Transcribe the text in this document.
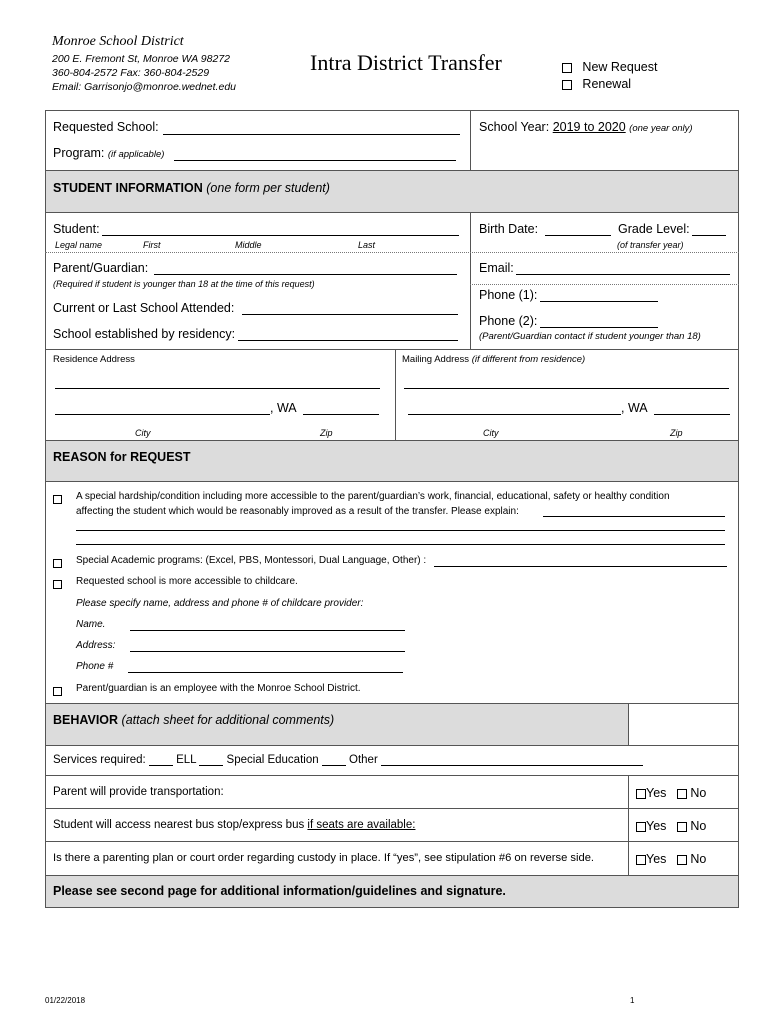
Monroe School District
200 E. Fremont St, Monroe WA 98272
360-804-2572 Fax: 360-804-2529
Email: Garrisonjo@monroe.wednet.edu
Intra District Transfer	New Request
Renewal
Requested School:
Program: (if applicable)
School Year: 2019 to 2020 (one year only)
STUDENT INFORMATION (one form per student)
Student:
Legal name	First	Middle	Last
Birth Date:	Grade Level:
(of transfer year)
Parent/Guardian:
(Required if student is younger than 18 at the time of this request)
Current or Last School Attended:
School established by residency:
Email:
Phone (1):
Phone (2):
(Parent/Guardian contact if student younger than 18)
Residence Address	Mailing Address (if different from residence)
, WA	, WA
City	Zip	City	Zip
REASON for REQUEST
A special hardship/condition including more accessible to the parent/guardian’s work, financial, educational, safety or healthy condition
affecting the student which would be reasonably improved as a result of the transfer. Please explain:
Special Academic programs: (Excel, PBS, Montessori, Dual Language, Other) :
Requested school is more accessible to childcare.
Please specify name, address and phone # of childcare provider:
Name.
Address:
Phone #
Parent/guardian is an employee with the Monroe School District.
BEHAVIOR (attach sheet for additional comments)
Services required:	ELL	Special Education	Other
Parent will provide transportation:	Yes No
Student will access nearest bus stop/express bus if seats are available:	Yes No
Is there a parenting plan or court order regarding custody in place. If “yes”, see stipulation #6 on reverse side.	Yes No
Please see second page for additional information/guidelines and signature.
01/22/2018	1
